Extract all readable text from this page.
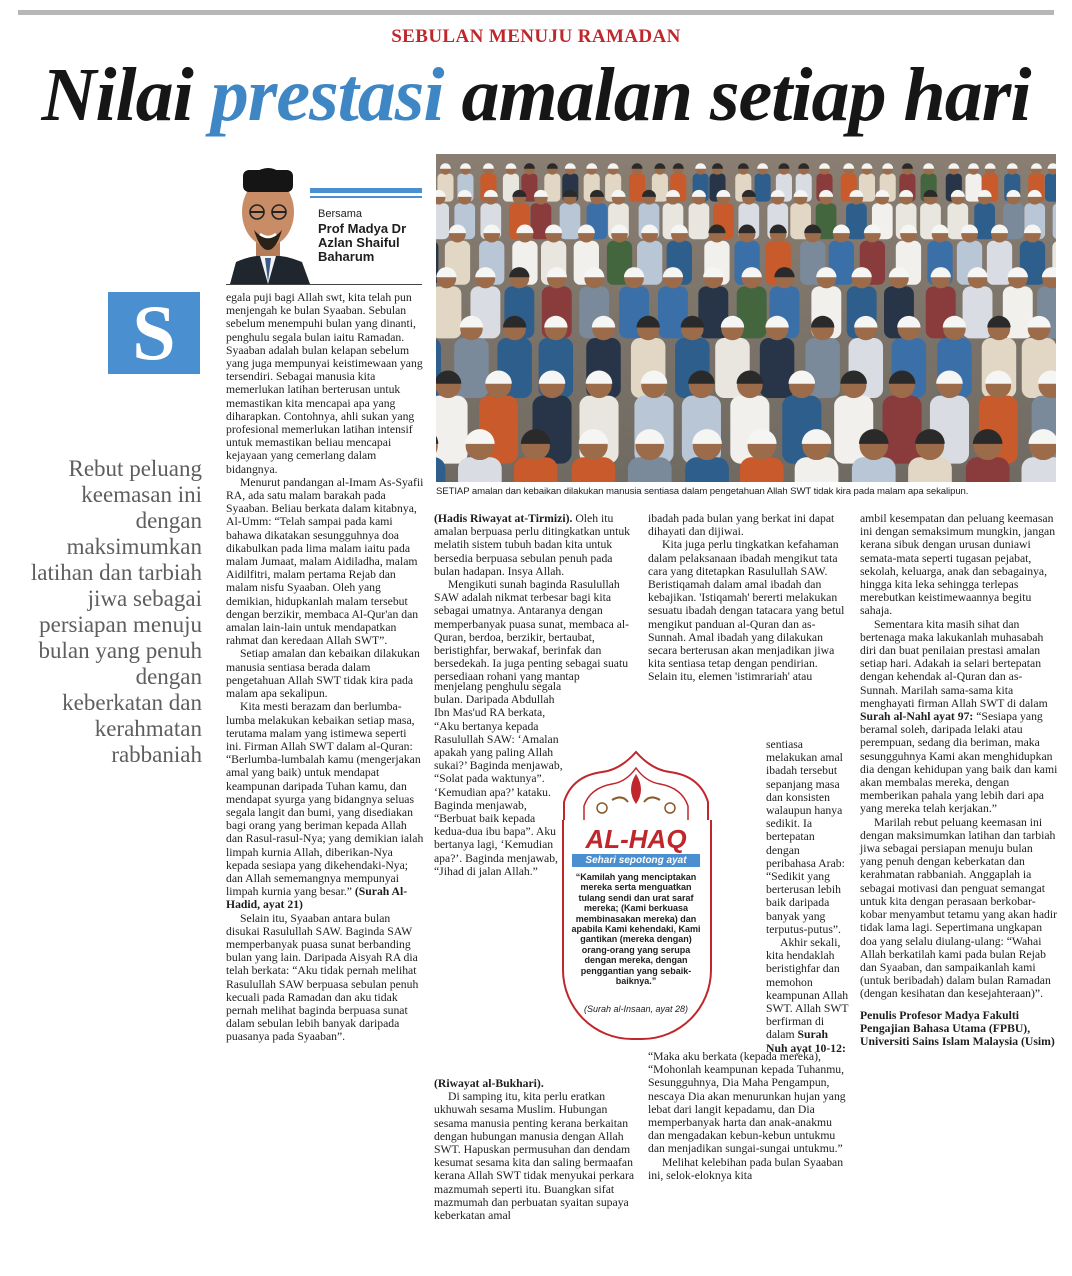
SEBULAN MENUJU RAMADAN
Nilai prestasi amalan setiap hari
Bersama
Prof Madya Dr Azlan Shaiful Baharum
S
Rebut peluang keemasan ini dengan maksimumkan latihan dan tarbiah jiwa sebagai persiapan menuju bulan yang penuh dengan keberkatan dan kerahmatan rabbaniah
SETIAP amalan dan kebaikan dilakukan manusia sentiasa dalam pengetahuan Allah SWT tidak kira pada malam apa sekalipun.

egala puji bagi Allah swt, kita telah pun menjengah ke bulan Syaaban. Sebulan sebelum menempuhi bulan yang dinanti, penghulu segala bulan iaitu Ramadan. Syaaban adalah bulan kelapan sebelum yang juga mempunyai keistimewaan yang tersendiri. Sebagai manusia kita memerlukan latihan berterusan untuk memastikan kita mencapai apa yang diharapkan. Contohnya, ahli sukan yang profesional memerlukan latihan intensif untuk memastikan beliau mencapai kejayaan yang cemerlang dalam bidangnya.

Menurut pandangan al-Imam As-Syafii RA, ada satu malam barakah pada Syaaban. Beliau berkata dalam kitabnya, Al-Umm: “Telah sampai pada kami bahawa dikatakan sesungguhnya doa dikabulkan pada lima malam iaitu pada malam Jumaat, malam Aidiladha, malam Aidilfitri, malam pertama Rejab dan malam nisfu Syaaban. Oleh yang demikian, hidupkanlah malam tersebut dengan berzikir, membaca Al-Qur'an dan amalan lain-lain untuk mendapatkan rahmat dan keredaan Allah SWT”.

Setiap amalan dan kebaikan dilakukan manusia sentiasa berada dalam pengetahuan Allah SWT tidak kira pada malam apa sekalipun.

Kita mesti berazam dan berlumba-lumba melakukan kebaikan setiap masa, terutama malam yang istimewa seperti ini. Firman Allah SWT dalam al-Quran: “Berlumba-lumbalah kamu (mengerjakan amal yang baik) untuk mendapat keampunan daripada Tuhan kamu, dan mendapat syurga yang bidangnya seluas segala langit dan bumi, yang disediakan bagi orang yang beriman kepada Allah dan Rasul-rasul-Nya; yang demikian ialah limpah kurnia Allah, diberikan-Nya kepada sesiapa yang dikehendaki-Nya; dan Allah sememangnya mempunyai limpah kurnia yang besar.” (Surah Al-Hadid, ayat 21)

Selain itu, Syaaban antara bulan disukai Rasulullah SAW. Baginda SAW memperbanyak puasa sunat berbanding bulan yang lain. Daripada Aisyah RA dia telah berkata: “Aku tidak pernah melihat Rasulullah SAW berpuasa sebulan penuh kecuali pada Ramadan dan aku tidak pernah melihat baginda berpuasa sunat dalam sebulan lebih banyak daripada puasanya pada Syaaban”.

(Hadis Riwayat at-Tirmizi). Oleh itu amalan berpuasa perlu ditingkatkan untuk melatih sistem tubuh badan kita untuk bersedia berpuasa sebulan penuh pada bulan hadapan. Insya Allah.

Mengikuti sunah baginda Rasulullah SAW adalah nikmat terbesar bagi kita sebagai umatnya. Antaranya dengan memperbanyak puasa sunat, membaca al-Quran, berdoa, berzikir, bertaubat, beristighfar, berwakaf, berinfak dan bersedekah. Ia juga penting sebagai suatu persediaan rohani yang mantap

menjelang penghulu segala bulan. Daripada Abdullah Ibn Mas'ud RA berkata, “Aku bertanya kepada Rasulullah SAW: ‘Amalan apakah yang paling Allah sukai?’ Baginda menjawab, “Solat pada waktunya”. ‘Kemudian apa?’ kataku. Baginda menjawab, “Berbuat baik kepada kedua-dua ibu bapa”. Aku bertanya lagi, ‘Kemudian apa?’. Baginda menjawab, “Jihad di jalan Allah.”

(Riwayat al-Bukhari).

Di samping itu, kita perlu eratkan ukhuwah sesama Muslim. Hubungan sesama manusia penting kerana berkaitan dengan hubungan manusia dengan Allah SWT. Hapuskan permusuhan dan dendam kesumat sesama kita dan saling bermaafan kerana Allah SWT tidak menyukai perkara mazmumah seperti itu. Buangkan sifat mazmumah dan perbuatan syaitan supaya keberkatan amal

ibadah pada bulan yang berkat ini dapat dihayati dan dijiwai.

Kita juga perlu tingkatkan kefahaman dalam pelaksanaan ibadah mengikut tata cara yang ditetapkan Rasulullah SAW. Beristiqamah dalam amal ibadah dan kebajikan. 'Istiqamah' bererti melakukan sesuatu ibadah dengan tatacara yang betul mengikut panduan al-Quran dan as-Sunnah. Amal ibadah yang dilakukan secara berterusan akan menjadikan jiwa kita sentiasa tetap dengan pendirian. Selain itu, elemen 'istimrariah' atau

sentiasa melakukan amal ibadah tersebut sepanjang masa dan konsisten walaupun hanya sedikit. Ia bertepatan dengan peribahasa Arab: “Sedikit yang berterusan lebih baik daripada banyak yang terputus-putus”.

Akhir sekali, kita hendaklah beristighfar dan memohon keampunan Allah SWT. Allah SWT berfirman di dalam Surah Nuh ayat 10-12:

“Maka aku berkata (kepada mereka), “Mohonlah keampunan kepada Tuhanmu, Sesungguhnya, Dia Maha Pengampun, nescaya Dia akan menurunkan hujan yang lebat dari langit kepadamu, dan Dia memperbanyak harta dan anak-anakmu dan mengadakan kebun-kebun untukmu dan menjadikan sungai-sungai untukmu.”

Melihat kelebihan pada bulan Syaaban ini, selok-eloknya kita

ambil kesempatan dan peluang keemasan ini dengan semaksimum mungkin, jangan kerana sibuk dengan urusan duniawi semata-mata seperti tugasan pejabat, sekolah, keluarga, anak dan sebagainya, hingga kita leka sehingga terlepas merebutkan keistimewaannya begitu sahaja.

Sementara kita masih sihat dan bertenaga maka lakukanlah muhasabah diri dan buat penilaian prestasi amalan setiap hari. Adakah ia selari bertepatan dengan kehendak al-Quran dan as-Sunnah. Marilah sama-sama kita menghayati firman Allah SWT di dalam Surah al-Nahl ayat 97: “Sesiapa yang beramal soleh, daripada lelaki atau perempuan, sedang dia beriman, maka sesungguhnya Kami akan menghidupkan dia dengan kehidupan yang baik dan kami akan membalas mereka, dengan memberikan pahala yang lebih dari apa yang mereka telah kerjakan.”

Marilah rebut peluang keemasan ini dengan maksimumkan latihan dan tarbiah jiwa sebagai persiapan menuju bulan yang penuh dengan keberkatan dan kerahmatan rabbaniah. Anggaplah ia sebagai motivasi dan penguat semangat untuk kita dengan perasaan berkobar-kobar menyambut tetamu yang akan hadir tidak lama lagi. Sepertimana ungkapan doa yang selalu diulang-ulang: “Wahai Allah berkatilah kami pada bulan Rejab dan Syaaban, dan sampaikanlah kami (untuk beribadah) dalam bulan Ramadan (dengan kesihatan dan kesejahteraan)”.

Penulis Profesor Madya Fakulti Pengajian Bahasa Utama (FPBU), Universiti Sains Islam Malaysia (Usim)

AL-HAQ
Sehari sepotong ayat
“Kamilah yang menciptakan mereka serta menguatkan tulang sendi dan urat saraf mereka; (Kami berkuasa membinasakan mereka) dan apabila Kami kehendaki, Kami gantikan (mereka dengan) orang-orang yang serupa dengan mereka, dengan penggantian yang sebaik-baiknya.”
(Surah al-Insaan, ayat 28)
